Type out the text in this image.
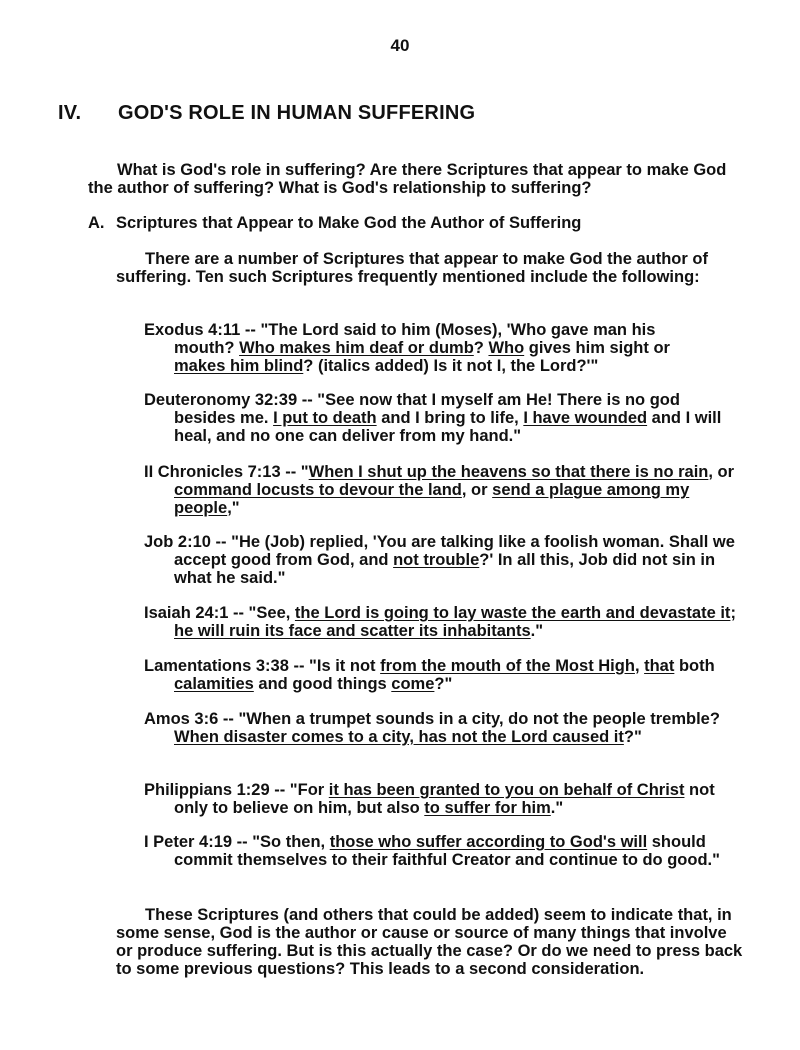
40
IV. GOD'S ROLE IN HUMAN SUFFERING
What is God's role in suffering? Are there Scriptures that appear to make God the author of suffering? What is God's relationship to suffering?
A. Scriptures that Appear to Make God the Author of Suffering
There are a number of Scriptures that appear to make God the author of suffering. Ten such Scriptures frequently mentioned include the following:
Exodus 4:11 -- "The Lord said to him (Moses), 'Who gave man his
mouth? Who makes him deaf or dumb? Who gives him sight or
makes him blind? (italics added) Is it not I, the Lord?'"
Deuteronomy 32:39 -- "See now that I myself am He! There is no god besides me. I put to death and I bring to life, I have wounded and I will heal, and no one can deliver from my hand."
II Chronicles 7:13 -- "When I shut up the heavens so that there is no rain, or command locusts to devour the land, or send a plague among my people,"
Job 2:10 -- "He (Job) replied, 'You are talking like a foolish woman. Shall we accept good from God, and not trouble?' In all this, Job did not sin in what he said."
Isaiah 24:1 -- "See, the Lord is going to lay waste the earth and devastate it; he will ruin its face and scatter its inhabitants."
Lamentations 3:38 -- "Is it not from the mouth of the Most High, that both calamities and good things come?"
Amos 3:6 -- "When a trumpet sounds in a city, do not the people tremble? When disaster comes to a city, has not the Lord caused it?"
Philippians 1:29 -- "For it has been granted to you on behalf of Christ not only to believe on him, but also to suffer for him."
I Peter 4:19 -- "So then, those who suffer according to God's will should commit themselves to their faithful Creator and continue to do good."
These Scriptures (and others that could be added) seem to indicate that, in some sense, God is the author or cause or source of many things that involve or produce suffering. But is this actually the case? Or do we need to press back to some previous questions? This leads to a second consideration.
